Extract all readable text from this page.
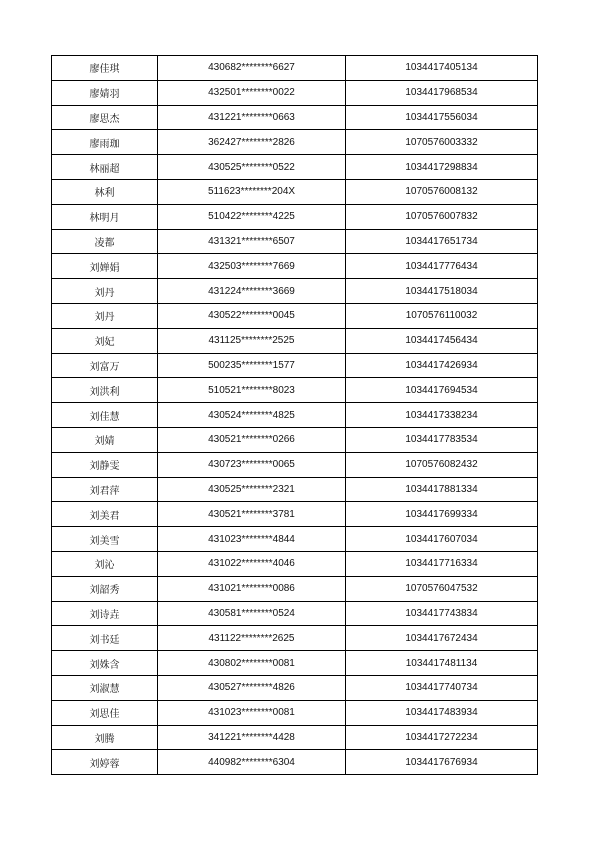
廖佳琪	430682********6627	1034417405134
廖婧羽	432501********0022	1034417968534
廖思杰	431221********0663	1034417556034
廖雨珈	362427********2826	1070576003332
林丽超	430525********0522	1034417298834
林利	511623********204X	1070576008132
林明月	510422********4225	1070576007832
凌都	431321********6507	1034417651734
刘婵娟	432503********7669	1034417776434
刘丹	431224********3669	1034417518034
刘丹	430522********0045	1070576110032
刘妃	431125********2525	1034417456434
刘富万	500235********1577	1034417426934
刘洪利	510521********8023	1034417694534
刘佳慧	430524********4825	1034417338234
刘婧	430521********0266	1034417783534
刘静雯	430723********0065	1070576082432
刘君萍	430525********2321	1034417881334
刘美君	430521********3781	1034417699334
刘美雪	431023********4844	1034417607034
刘沁	431022********4046	1034417716334
刘韶秀	431021********0086	1070576047532
刘诗垚	430581********0524	1034417743834
刘书廷	431122********2625	1034417672434
刘姝含	430802********0081	1034417481134
刘淑慧	430527********4826	1034417740734
刘思佳	431023********0081	1034417483934
刘腾	341221********4428	1034417272234
刘婷蓉	440982********6304	1034417676934
